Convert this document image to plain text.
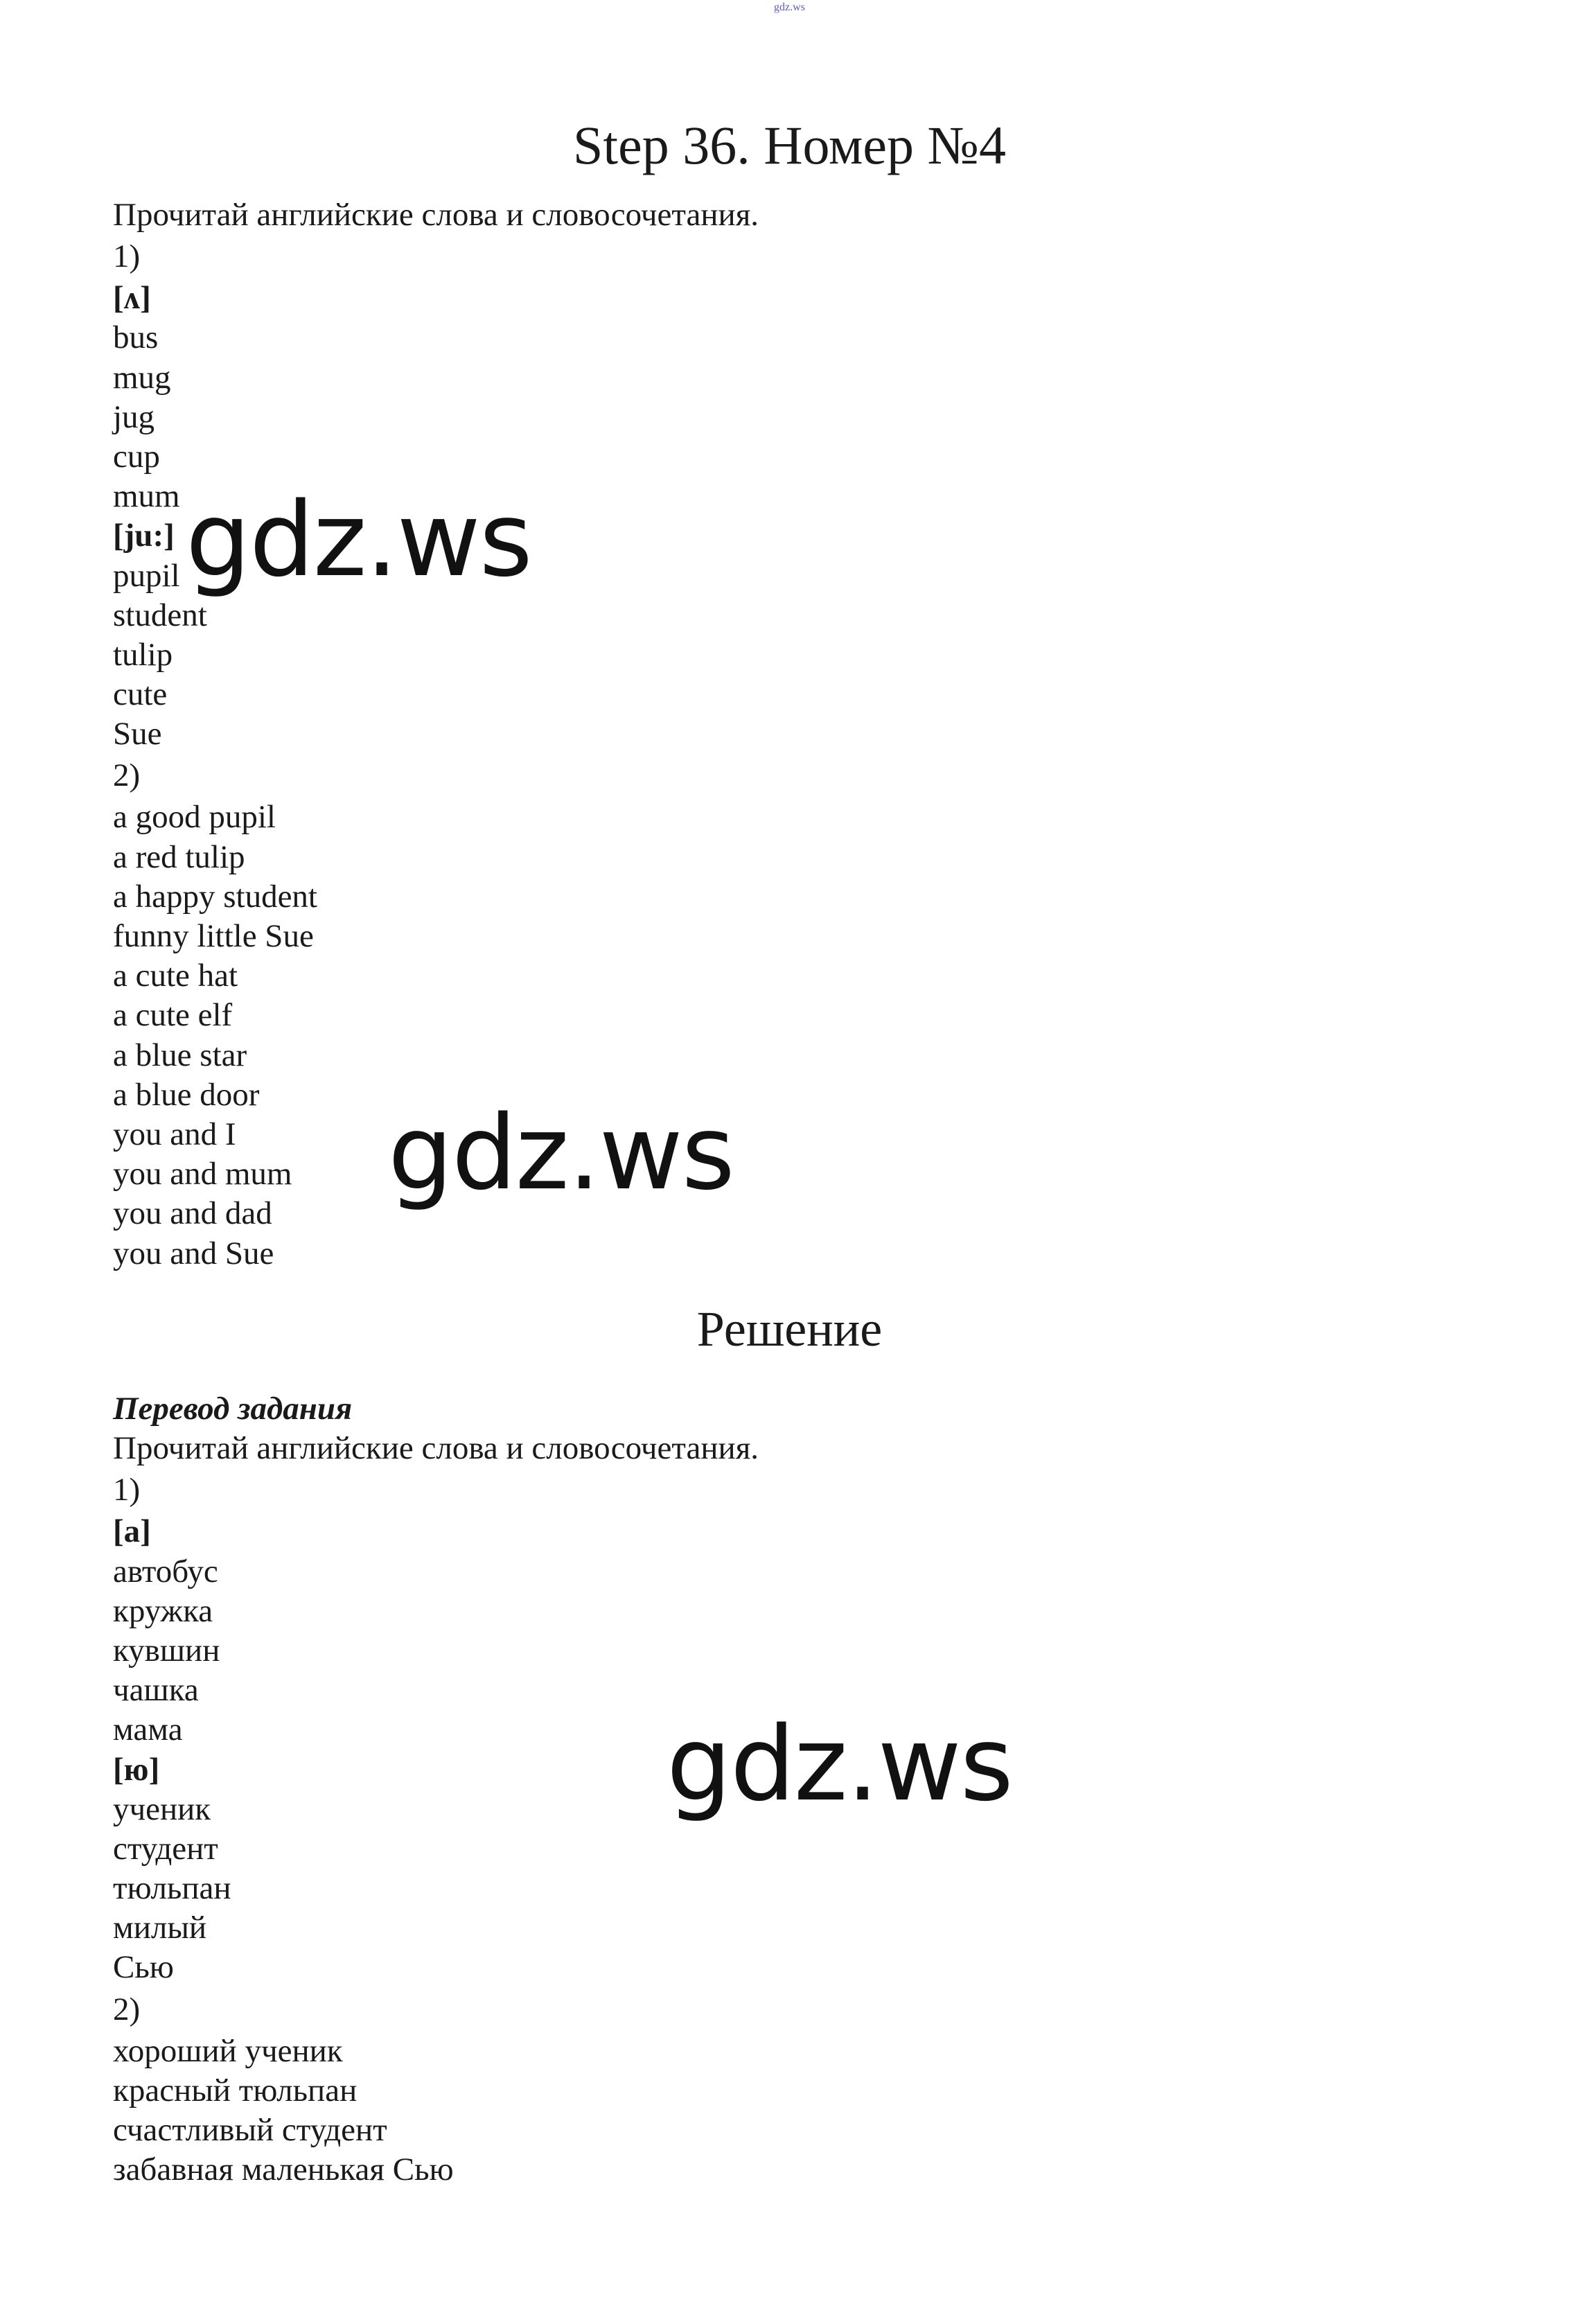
gdz.ws
Step 36. Номер №4
Прочитай английские слова и словосочетания.
1)
[ʌ]
bus
mug
jug
cup
mum
[ju:]
pupil
student
tulip
cute
Sue
2)
a good pupil
a red tulip
a happy student
funny little Sue
a cute hat
a cute elf
a blue star
a blue door
you and I
you and mum
you and dad
you and Sue
Решение
Перевод задания
Прочитай английские слова и словосочетания.
1)
[а]
автобус
кружка
кувшин
чашка
мама
[ю]
ученик
студент
тюльпан
милый
Сью
2)
хороший ученик
красный тюльпан
счастливый студент
забавная маленькая Сью
gdz.ws
gdz.ws
gdz.ws
